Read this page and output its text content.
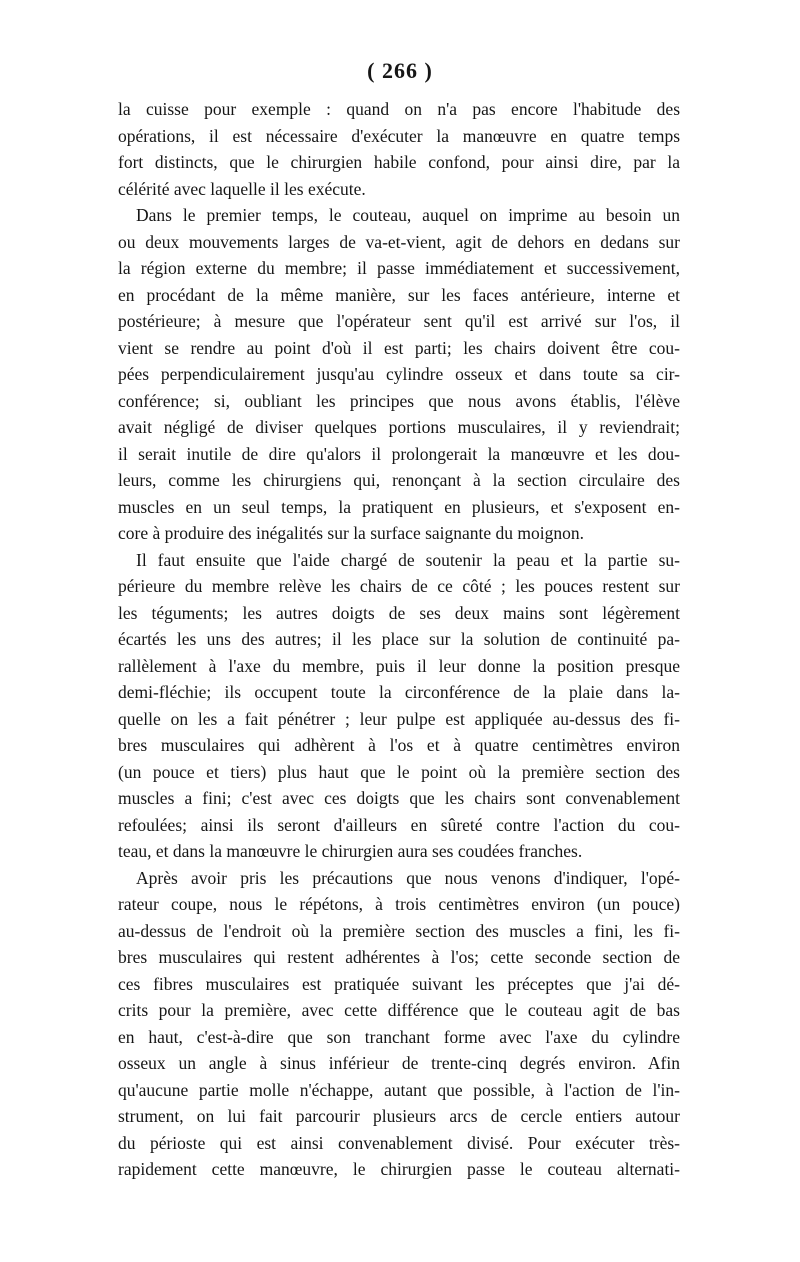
( 266 )
la cuisse pour exemple : quand on n'a pas encore l'habitude des
opérations, il est nécessaire d'exécuter la manœuvre en quatre temps
fort distincts, que le chirurgien habile confond, pour ainsi dire, par la
célérité avec laquelle il les exécute.
Dans le premier temps, le couteau, auquel on imprime au besoin un
ou deux mouvements larges de va-et-vient, agit de dehors en dedans sur
la région externe du membre; il passe immédiatement et successivement,
en procédant de la même manière, sur les faces antérieure, interne et
postérieure; à mesure que l'opérateur sent qu'il est arrivé sur l'os, il
vient se rendre au point d'où il est parti; les chairs doivent être cou-
pées perpendiculairement jusqu'au cylindre osseux et dans toute sa cir-
conférence; si, oubliant les principes que nous avons établis, l'élève
avait négligé de diviser quelques portions musculaires, il y reviendrait;
il serait inutile de dire qu'alors il prolongerait la manœuvre et les dou-
leurs, comme les chirurgiens qui, renonçant à la section circulaire des
muscles en un seul temps, la pratiquent en plusieurs, et s'exposent en-
core à produire des inégalités sur la surface saignante du moignon.
Il faut ensuite que l'aide chargé de soutenir la peau et la partie su-
périeure du membre relève les chairs de ce côté ; les pouces restent sur
les téguments; les autres doigts de ses deux mains sont légèrement
écartés les uns des autres; il les place sur la solution de continuité pa-
rallèlement à l'axe du membre, puis il leur donne la position presque
demi-fléchie; ils occupent toute la circonférence de la plaie dans la-
quelle on les a fait pénétrer ; leur pulpe est appliquée au-dessus des fi-
bres musculaires qui adhèrent à l'os et à quatre centimètres environ
(un pouce et tiers) plus haut que le point où la première section des
muscles a fini; c'est avec ces doigts que les chairs sont convenablement
refoulées; ainsi ils seront d'ailleurs en sûreté contre l'action du cou-
teau, et dans la manœuvre le chirurgien aura ses coudées franches.
Après avoir pris les précautions que nous venons d'indiquer, l'opé-
rateur coupe, nous le répétons, à trois centimètres environ (un pouce)
au-dessus de l'endroit où la première section des muscles a fini, les fi-
bres musculaires qui restent adhérentes à l'os; cette seconde section de
ces fibres musculaires est pratiquée suivant les préceptes que j'ai dé-
crits pour la première, avec cette différence que le couteau agit de bas
en haut, c'est-à-dire que son tranchant forme avec l'axe du cylindre
osseux un angle à sinus inférieur de trente-cinq degrés environ. Afin
qu'aucune partie molle n'échappe, autant que possible, à l'action de l'in-
strument, on lui fait parcourir plusieurs arcs de cercle entiers autour
du périoste qui est ainsi convenablement divisé. Pour exécuter très-
rapidement cette manœuvre, le chirurgien passe le couteau alternati-
